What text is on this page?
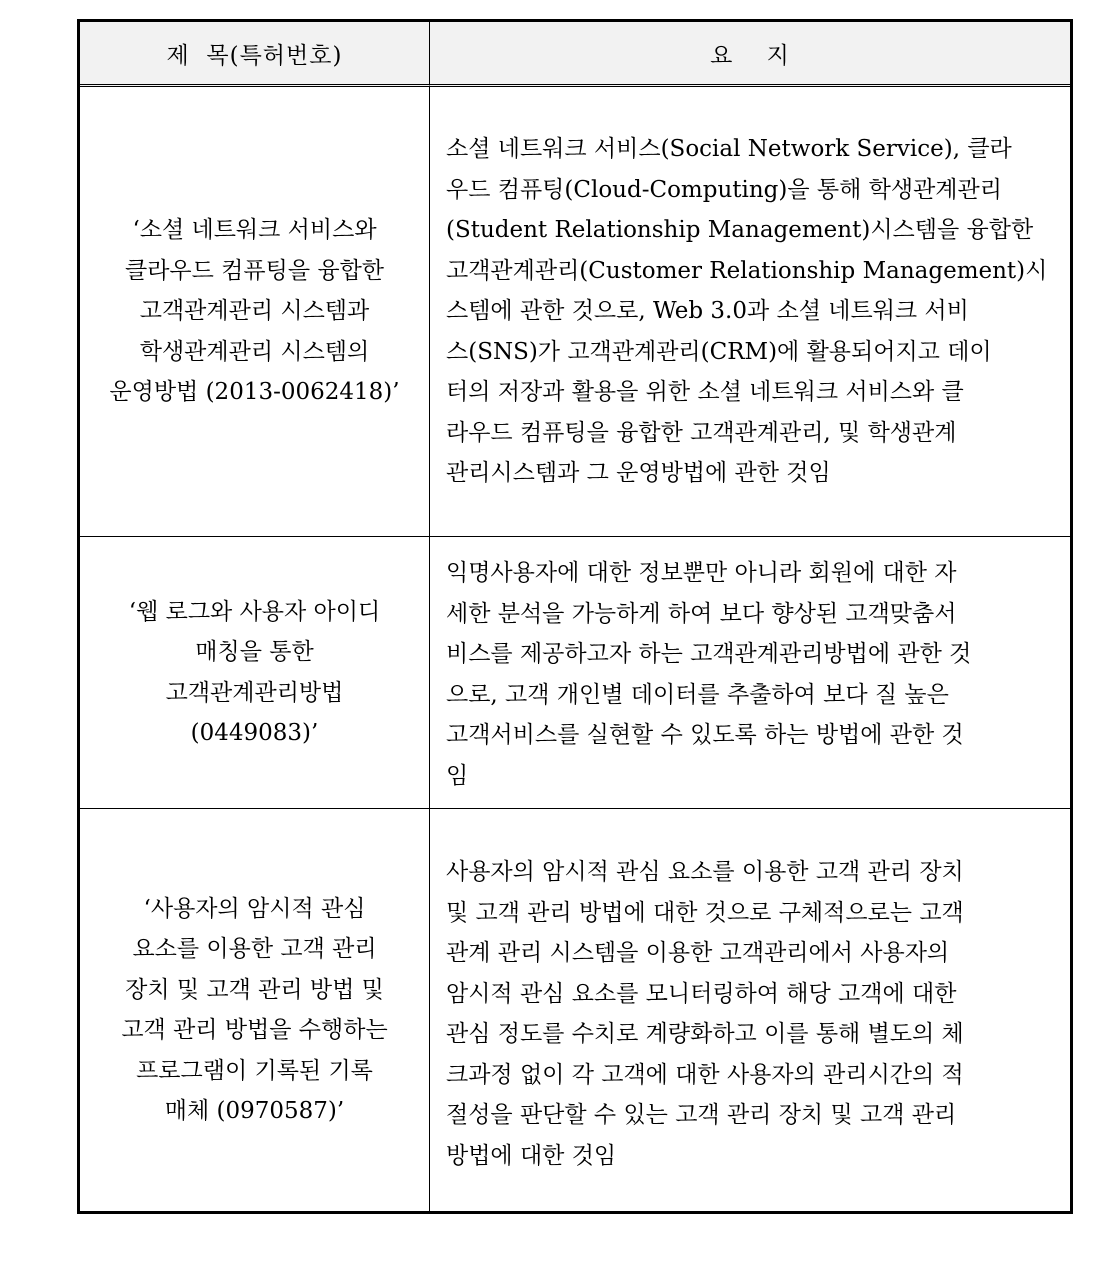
제  목(특허번호)	요    지
‘소셜 네트워크 서비스와
클라우드 컴퓨팅을 융합한
고객관계관리 시스템과
학생관계관리 시스템의
운영방법 (2013-0062418)’
소셜 네트워크 서비스(Social Network Service), 클라
우드 컴퓨팅(Cloud-Computing)을 통해 학생관계관리
(Student Relationship Management)시스템을 융합한
고객관계관리(Customer Relationship Management)시
스템에 관한 것으로, Web 3.0과 소셜 네트워크 서비
스(SNS)가 고객관계관리(CRM)에 활용되어지고 데이
터의 저장과 활용을 위한 소셜 네트워크 서비스와 클
라우드 컴퓨팅을 융합한 고객관계관리, 및 학생관계
관리시스템과 그 운영방법에 관한 것임
‘웹 로그와 사용자 아이디
매칭을 통한
고객관계관리방법
(0449083)’
익명사용자에 대한 정보뿐만 아니라 회원에 대한 자
세한 분석을 가능하게 하여 보다 향상된 고객맞춤서
비스를 제공하고자 하는 고객관계관리방법에 관한 것
으로, 고객 개인별 데이터를 추출하여 보다 질 높은
고객서비스를 실현할 수 있도록 하는 방법에 관한 것
임
‘사용자의 암시적 관심
요소를 이용한 고객 관리
장치 및 고객 관리 방법 및
고객 관리 방법을 수행하는
프로그램이 기록된 기록
매체 (0970587)’
사용자의 암시적 관심 요소를 이용한 고객 관리 장치
및 고객 관리 방법에 대한 것으로 구체적으로는 고객
관계 관리 시스템을 이용한 고객관리에서 사용자의
암시적 관심 요소를 모니터링하여 해당 고객에 대한
관심 정도를 수치로 계량화하고 이를 통해 별도의 체
크과정 없이 각 고객에 대한 사용자의 관리시간의 적
절성을 판단할 수 있는 고객 관리 장치 및 고객 관리
방법에 대한 것임
